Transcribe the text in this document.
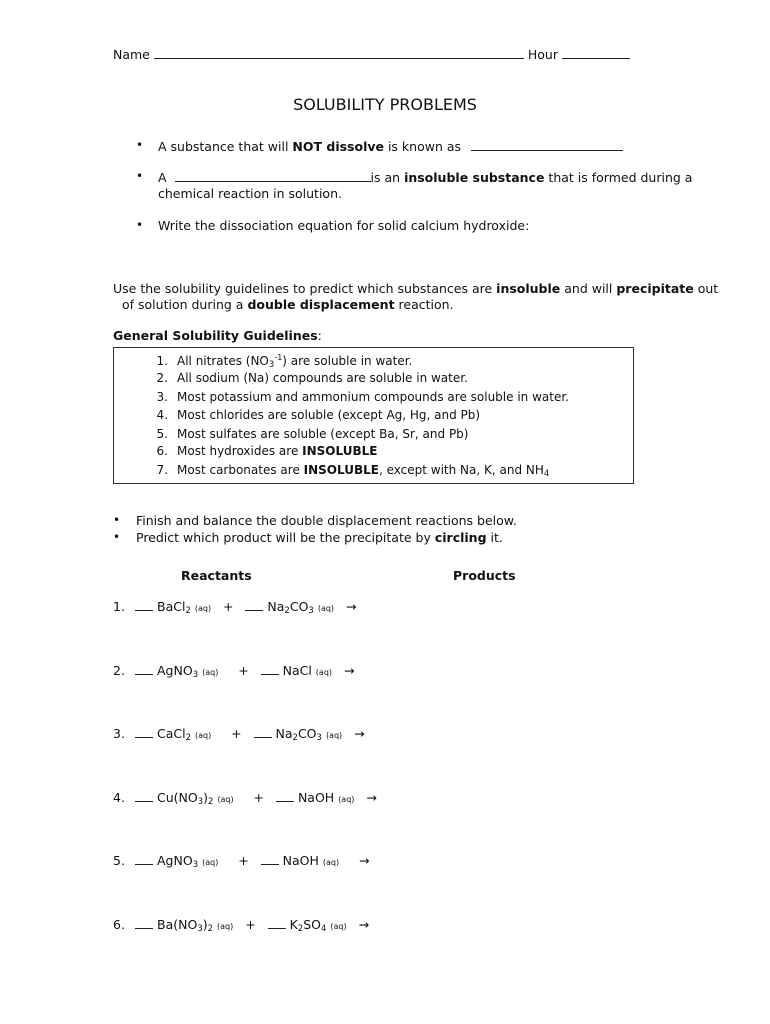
Name	Hour
SOLUBILITY PROBLEMS
• A substance that will NOT dissolve is known as
• A	is an insoluble substance that is formed during a
chemical reaction in solution.
• Write the dissociation equation for solid calcium hydroxide:
Use the solubility guidelines to predict which substances are insoluble and will precipitate out
of solution during a double displacement reaction.
General Solubility Guidelines:
1. All nitrates $(NO_3^{-1})$ are soluble in water.
2. All sodium (Na) compounds are soluble in water.
3. Most potassium and ammonium compounds are soluble in water.
4. Most chlorides are soluble (except Ag, Hg, and Pb)
5. Most sulfates are soluble (except Ba, Sr, and Pb)
6. Most hydroxides are INSOLUBLE
7. Most carbonates are INSOLUBLE, except with Na, K, and $NH_4$
• Finish and balance the double displacement reactions below.
• Predict which product will be the precipitate by circling it.
Reactants	Products
1.	BaCl$_2$ (aq) +	$Na_2CO_3$ (aq) →
2.	AgNO$_3$ (aq) +	NaCl (aq) →
3.	CaCl$_2$ (aq) +	$Na_2CO_3$ (aq) →
4.	$Cu(NO_3)_2$ (aq) +	NaOH (aq) →
5.	AgNO$_3$ (aq) +	NaOH (aq) →
6.	$Ba(NO_3)_2$ (aq) +	$K_2SO_4$ (aq) →
